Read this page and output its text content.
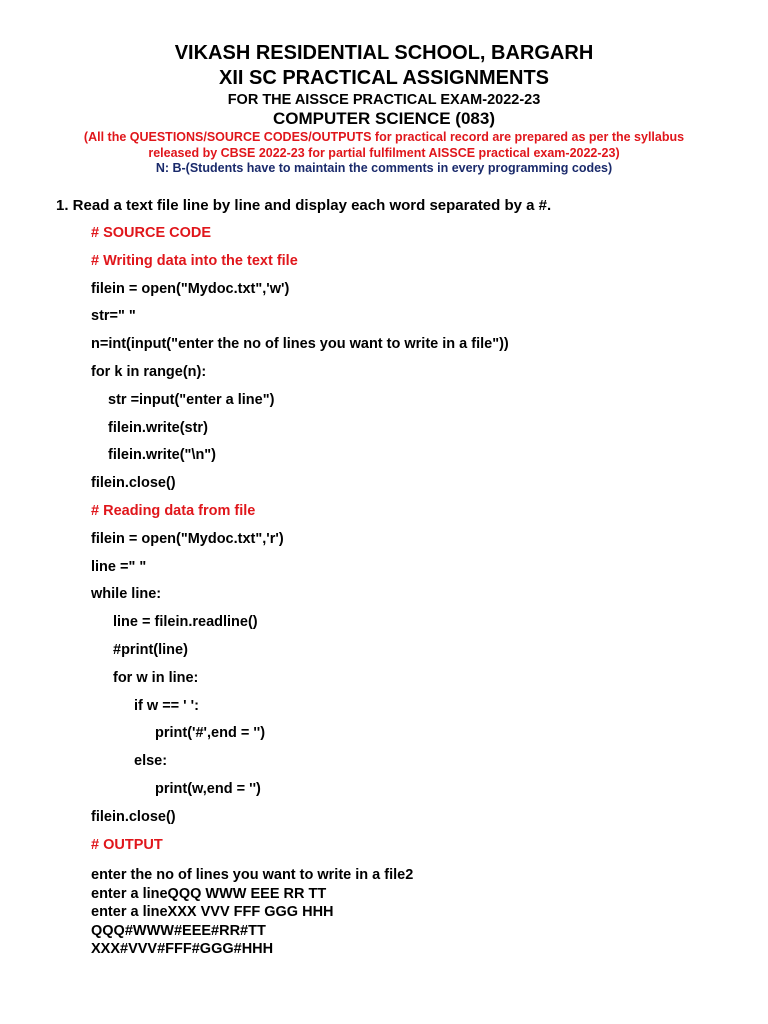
VIKASH RESIDENTIAL SCHOOL, BARGARH
XII SC PRACTICAL ASSIGNMENTS
FOR THE AISSCE PRACTICAL EXAM-2022-23
COMPUTER SCIENCE (083)
(All the QUESTIONS/SOURCE CODES/OUTPUTS for practical record are prepared as per the syllabus
released by CBSE 2022-23 for partial fulfilment AISSCE practical exam-2022-23)
N: B-(Students have to maintain the comments in every programming codes)
1. Read a text file line by line and display each word separated by a #.
# SOURCE CODE
# Writing data into the text file
filein = open("Mydoc.txt",'w')
str=" "
n=int(input("enter the no of lines you want to write in a file"))
for k in range(n):
str =input("enter a line")
filein.write(str)
filein.write("\n")
filein.close()
# Reading data from file
filein = open("Mydoc.txt",'r')
line =" "
while line:
line = filein.readline()
#print(line)
for w in line:
if w == ' ':
print('#',end = '')
else:
print(w,end = '')
filein.close()
# OUTPUT
enter the no of lines you want to write in a file2
enter a lineQQQ WWW EEE RR TT
enter a lineXXX VVV FFF GGG HHH
QQQ#WWW#EEE#RR#TT
XXX#VVV#FFF#GGG#HHH
